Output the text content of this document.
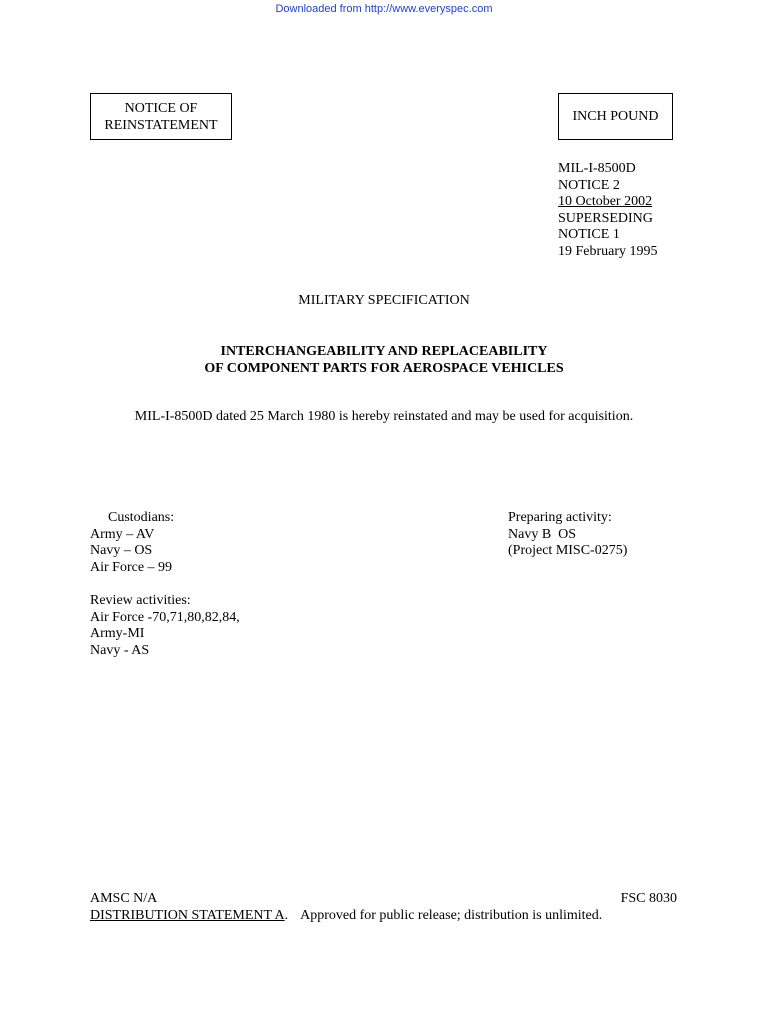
Downloaded from http://www.everyspec.com
NOTICE OF
REINSTATEMENT
INCH POUND
MIL-I-8500D
NOTICE 2
10 October 2002
SUPERSEDING
NOTICE 1
19 February 1995
MILITARY SPECIFICATION
INTERCHANGEABILITY AND REPLACEABILITY
OF COMPONENT PARTS FOR AEROSPACE VEHICLES
MIL-I-8500D dated 25 March 1980 is hereby reinstated and may be used for acquisition.
Custodians:
Army – AV
Navy – OS
Air Force – 99
Review activities:
Air Force -70,71,80,82,84,
Army-MI
Navy - AS
Preparing activity:
Navy B  OS
(Project MISC-0275)
AMSC N/A	FSC 8030
DISTRIBUTION STATEMENT A. Approved for public release; distribution is unlimited.
